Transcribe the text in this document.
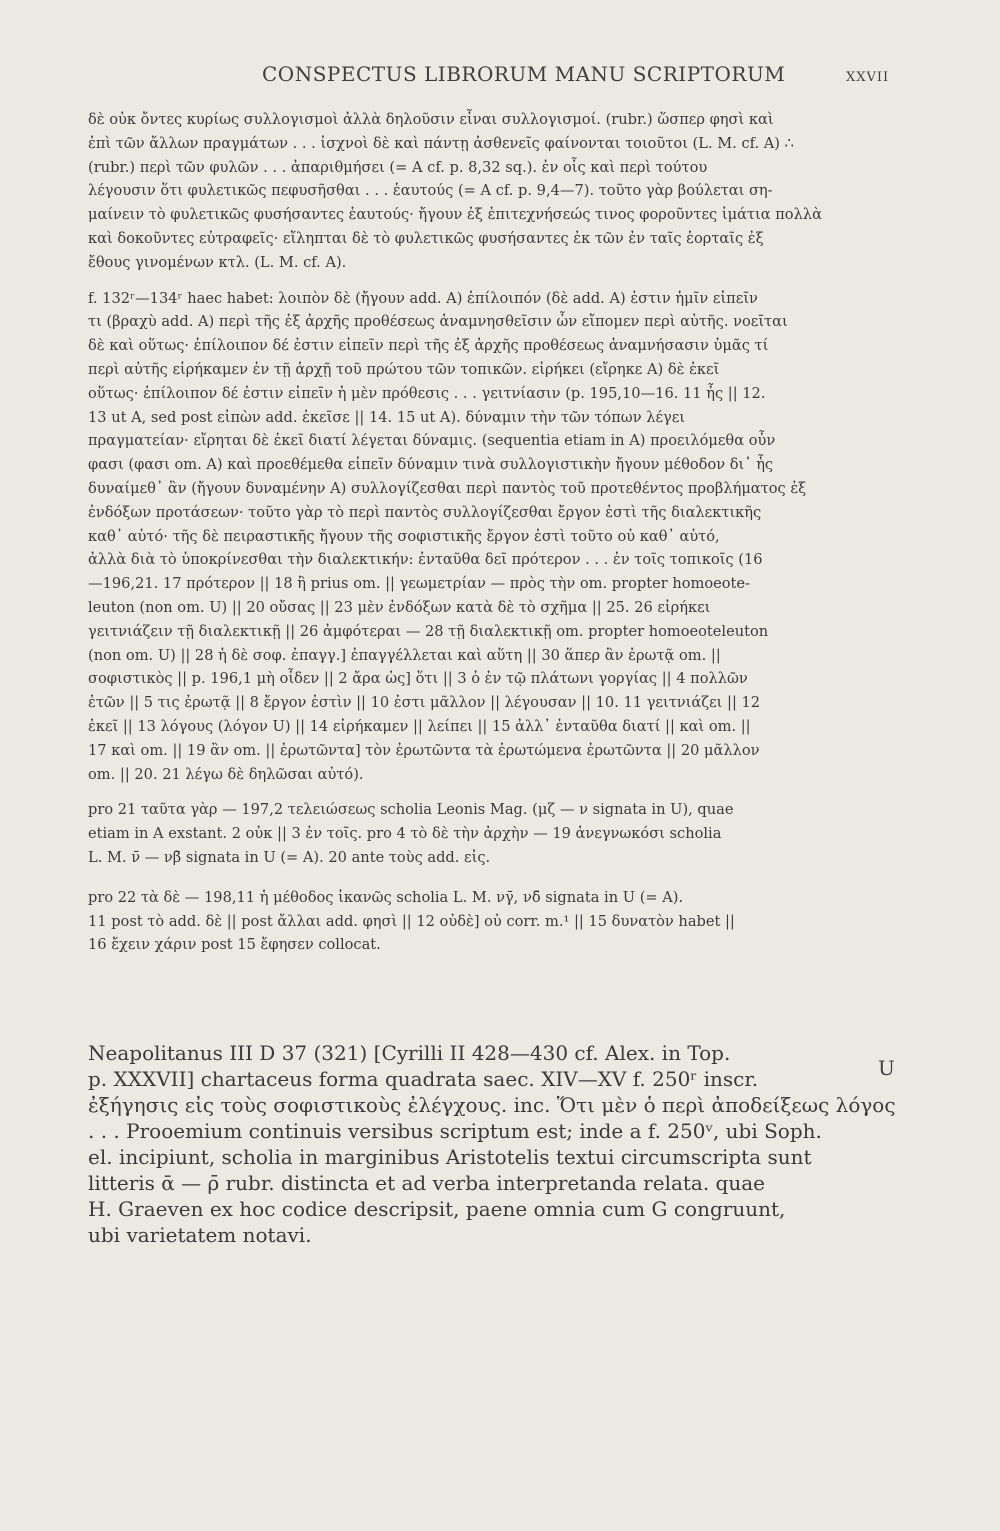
CONSPECTUS LIBRORUM MANU SCRIPTORUM	XXVII
δὲ οὐκ ὄντες κυρίως συλλογισμοὶ ἀλλὰ δηλοῦσιν εἶναι συλλογισμοί. (rubr.) ὥσπερ φησὶ καὶ
ἐπὶ τῶν ἄλλων πραγμάτων . . . ἰσχνοὶ δὲ καὶ πάντῃ ἀσθενεῖς φαίνονται τοιοῦτοι (L. M. cf. A) ∴
(rubr.) περὶ τῶν φυλῶν . . . ἀπαριθμήσει (= A cf. p. 8,32 sq.). ἐν οἷς καὶ περὶ τούτου
λέγουσιν ὅτι φυλετικῶς πεφυσῆσθαι . . . ἑαυτούς (= A cf. p. 9,4—7). τοῦτο γὰρ βούλεται ση-
μαίνειν τὸ φυλετικῶς φυσήσαντες ἑαυτούς· ἤγουν ἐξ ἐπιτεχνήσεώς τινος φοροῦντες ἱμάτια πολλὰ
καὶ δοκοῦντες εὐτραφεῖς· εἴληπται δὲ τὸ φυλετικῶς φυσήσαντες ἐκ τῶν ἐν ταῖς ἑορταῖς ἐξ
ἔθους γινομένων κτλ. (L. M. cf. A).
f. 132ʳ—134ʳ haec habet: λοιπὸν δὲ (ἤγουν add. A) ἐπίλοιπόν (δὲ add. A) ἐστιν ἡμῖν εἰπεῖν
τι (βραχὺ add. A) περὶ τῆς ἐξ ἀρχῆς προθέσεως ἀναμνησθεῖσιν ὧν εἴπομεν περὶ αὐτῆς. νοεῖται
δὲ καὶ οὕτως· ἐπίλοιπον δέ ἐστιν εἰπεῖν περὶ τῆς ἐξ ἀρχῆς προθέσεως ἀναμνήσασιν ὑμᾶς τί
περὶ αὐτῆς εἰρήκαμεν ἐν τῇ ἀρχῇ τοῦ πρώτου τῶν τοπικῶν. εἰρήκει (εἴρηκε A) δὲ ἐκεῖ
οὕτως· ἐπίλοιπον δέ ἐστιν εἰπεῖν ἡ μὲν πρόθεσις . . . γειτνίασιν (p. 195,10—16. 11 ἧς || 12.
13 ut A, sed post εἰπὼν add. ἐκεῖσε || 14. 15 ut A). δύναμιν τὴν τῶν τόπων λέγει
πραγματείαν· εἴρηται δὲ ἐκεῖ διατί λέγεται δύναμις. (sequentia etiam in A) προειλόμεθα οὖν
φασι (φασι om. A) καὶ προεθέμεθα εἰπεῖν δύναμιν τινὰ συλλογιστικὴν ἤγουν μέθοδον δι᾽ ἧς
δυναίμεθ᾽ ἂν (ἤγουν δυναμένην A) συλλογίζεσθαι περὶ παντὸς τοῦ προτεθέντος προβλήματος ἐξ
ἐνδόξων προτάσεων· τοῦτο γὰρ τὸ περὶ παντὸς συλλογίζεσθαι ἔργον ἐστὶ τῆς διαλεκτικῆς
καθ᾽ αὑτό· τῆς δὲ πειραστικῆς ἤγουν τῆς σοφιστικῆς ἔργον ἐστὶ τοῦτο οὐ καθ᾽ αὑτό,
ἀλλὰ διὰ τὸ ὑποκρίνεσθαι τὴν διαλεκτικήν: ἐνταῦθα δεῖ πρότερον . . . ἐν τοῖς τοπικοῖς (16
—196,21. 17 πρότερον || 18 ἢ prius om. || γεωμετρίαν — πρὸς τὴν om. propter homoeote-
leuton (non om. U) || 20 οὔσας || 23 μὲν ἐνδόξων κατὰ δὲ τὸ σχῆμα || 25. 26 εἰρήκει
γειτνιάζειν τῇ διαλεκτικῇ || 26 ἀμφότεραι — 28 τῇ διαλεκτικῇ om. propter homoeoteleuton
(non om. U) || 28 ἡ δὲ σοφ. ἐπαγγ.] ἐπαγγέλλεται καὶ αὕτη || 30 ἅπερ ἂν ἐρωτᾷ om. ||
σοφιστικὸς || p. 196,1 μὴ οἶδεν || 2 ἄρα ὡς] ὅτι || 3 ὁ ἐν τῷ πλάτωνι γοργίας || 4 πολλῶν
ἐτῶν || 5 τις ἐρωτᾷ || 8 ἔργον ἐστὶν || 10 ἐστι μᾶλλον || λέγουσαν || 10. 11 γειτνιάζει || 12
ἐκεῖ || 13 λόγους (λόγον U) || 14 εἰρήκαμεν || λείπει || 15 ἀλλ᾽ ἐνταῦθα διατί || καὶ om. ||
17 καὶ om. || 19 ἂν om. || ἐρωτῶντα] τὸν ἐρωτῶντα τὰ ἐρωτώμενα ἐρωτῶντα || 20 μᾶλλον
om. || 20. 21 λέγω δὲ δηλῶσαι αὐτό).
pro 21 ταῦτα γὰρ — 197,2 τελειώσεως scholia Leonis Mag. (μζ — ν signata in U), quae
etiam in A exstant. 2 οὐκ || 3 ἐν τοῖς. pro 4 τὸ δὲ τὴν ἀρχὴν — 19 ἀνεγνωκόσι scholia
L. M. ν̄ — νβ̄ signata in U (= A). 20 ante τοὺς add. εἰς.
pro 22 τὰ δὲ — 198,11 ἡ μέθοδος ἱκανῶς scholia L. M. νγ̄, νδ̄ signata in U (= A).
11 post τὸ add. δὲ || post ἄλλαι add. φησὶ || 12 οὐδὲ] οὐ corr. m.¹ || 15 δυνατὸν habet ||
16 ἔχειν χάριν post 15 ἔφησεν collocat.
Neapolitanus III D 37 (321) [Cyrilli II 428—430 cf. Alex. in Top.
p. XXXVII] chartaceus forma quadrata saec. XIV—XV f. 250ʳ inscr.
ἐξήγησις εἰς τοὺς σοφιστικοὺς ἐλέγχους. inc. Ὅτι μὲν ὁ περὶ ἀποδείξεως λόγος
. . . Prooemium continuis versibus scriptum est; inde a f. 250ᵛ, ubi Soph.
el. incipiunt, scholia in marginibus Aristotelis textui circumscripta sunt
litteris ᾱ — ρ̄ rubr. distincta et ad verba interpretanda relata. quae
H. Graeven ex hoc codice descripsit, paene omnia cum G congruunt,
ubi varietatem notavi.
U
